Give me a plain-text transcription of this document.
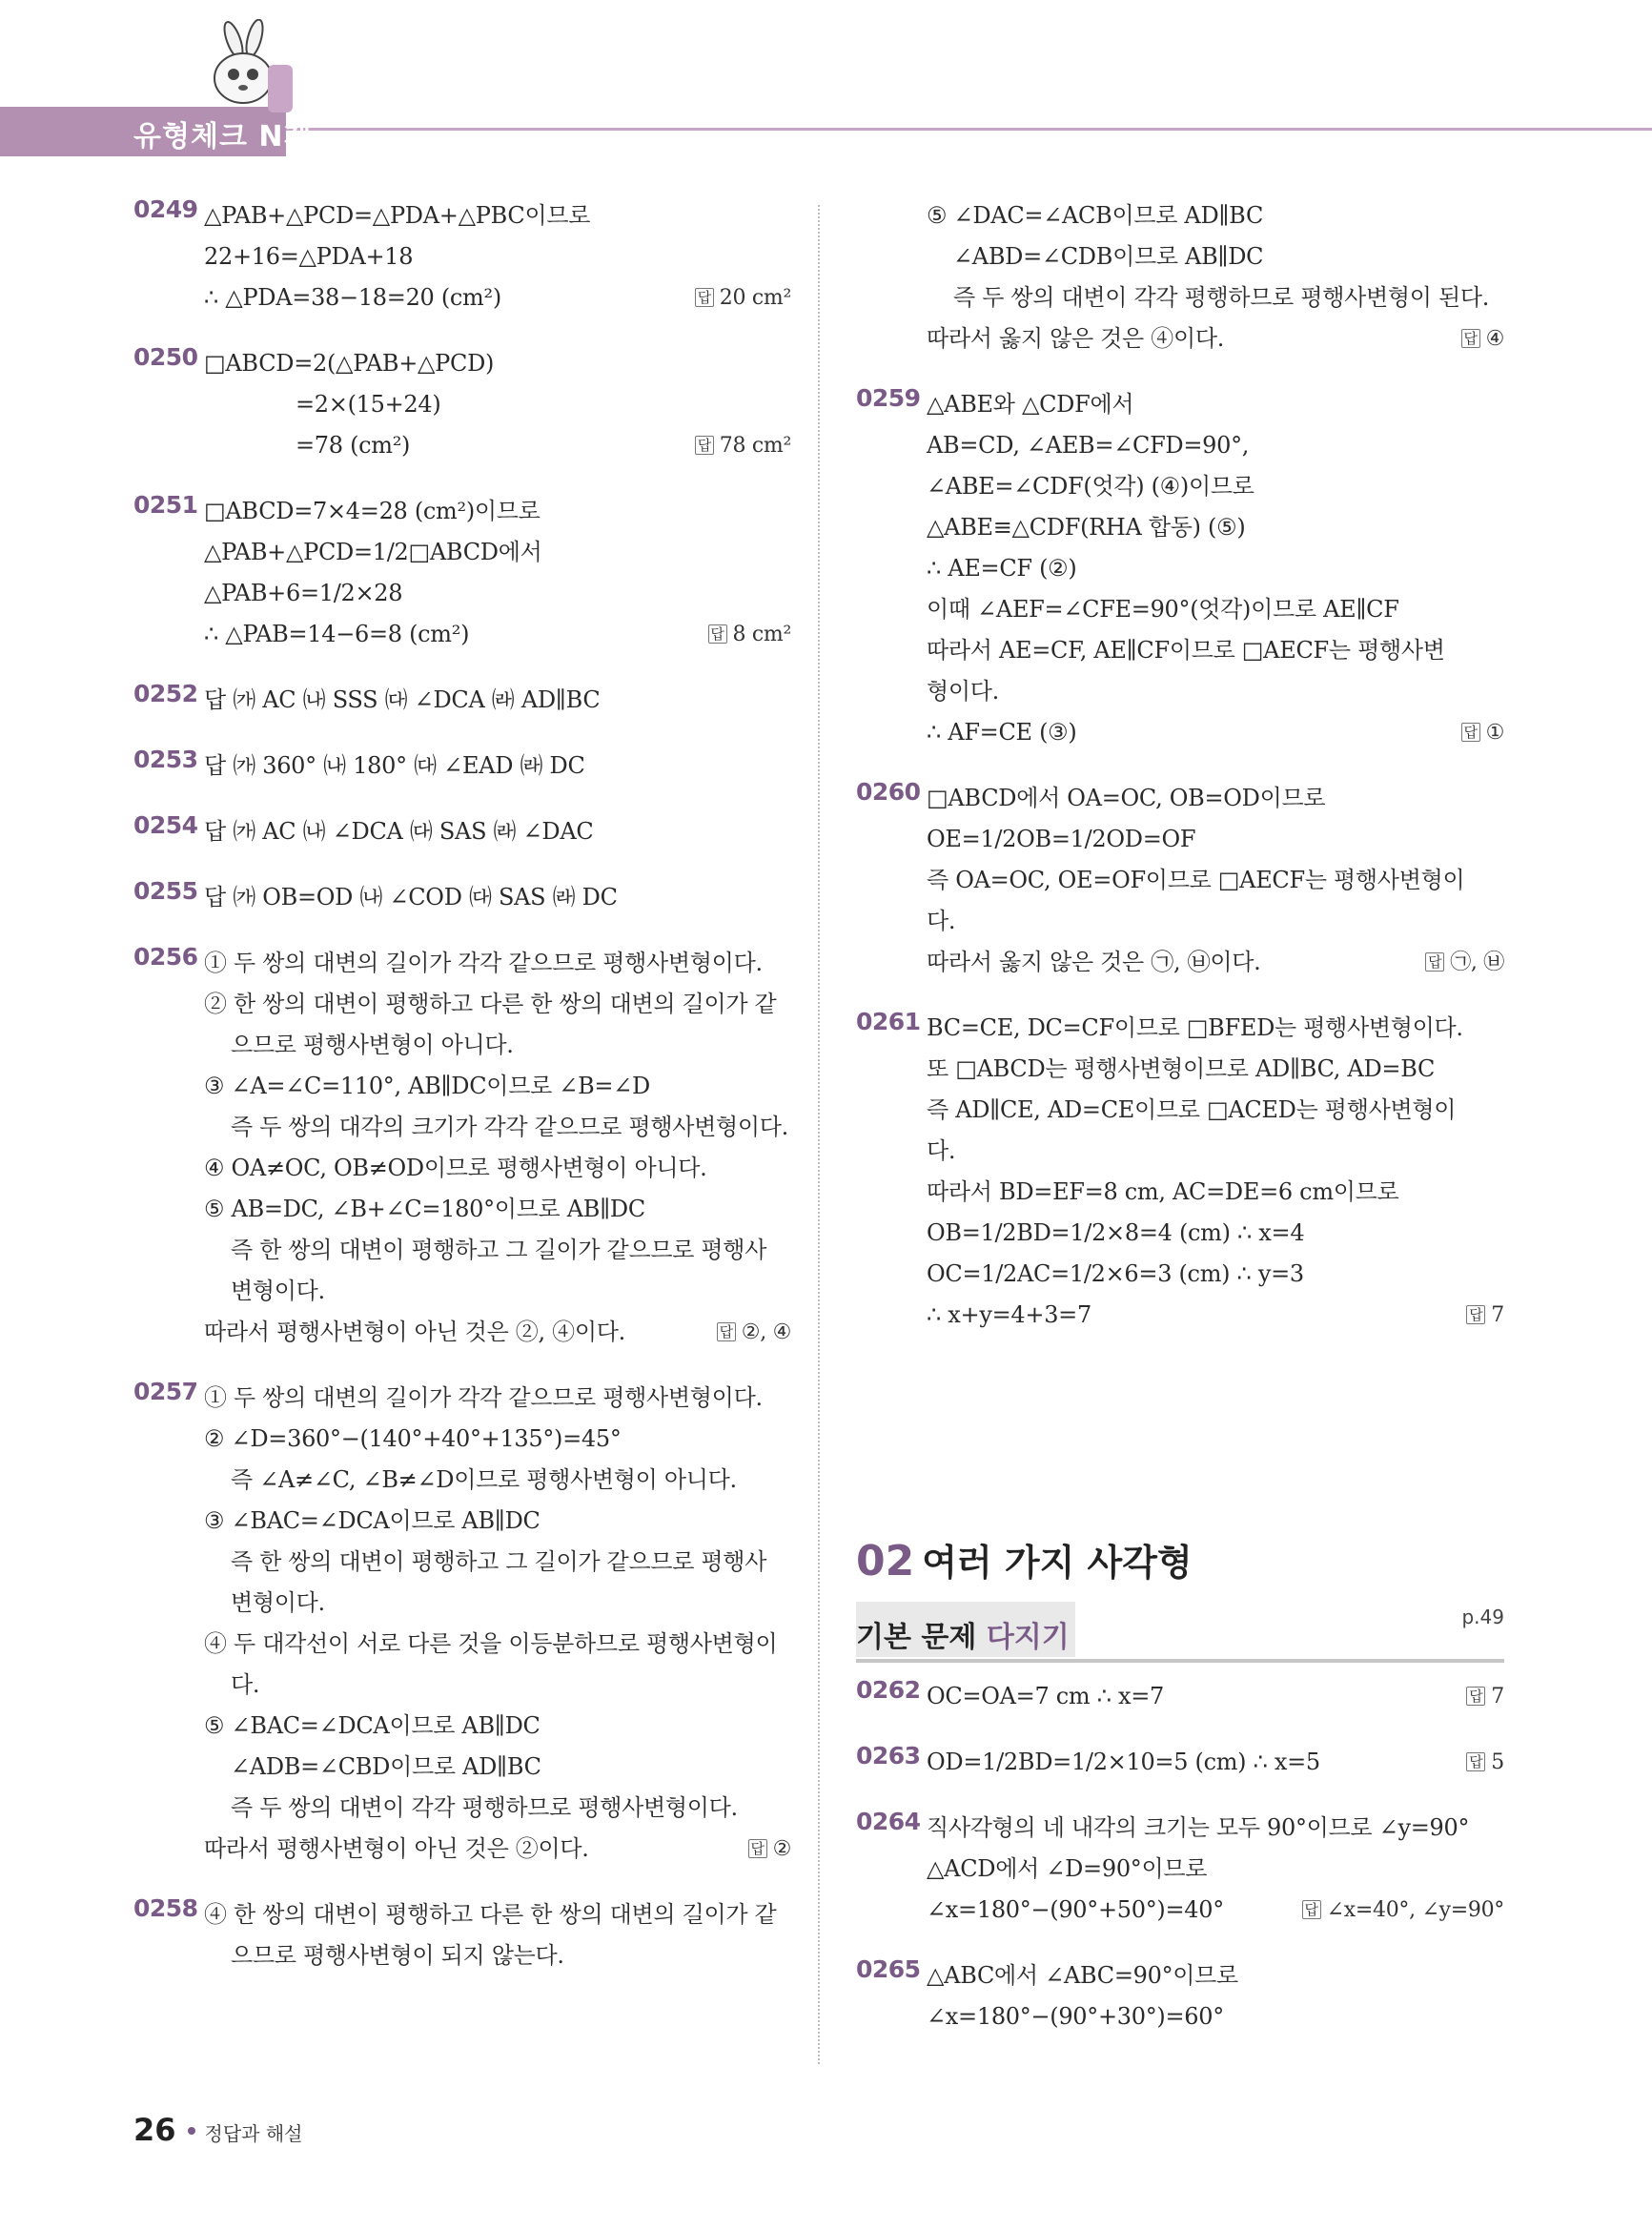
유형체크 N제
0249 △PAB+△PCD=△PDA+△PBC이므로
22+16=△PDA+18
∴ △PDA=38−18=20 (cm²)	답 20 cm²
0250 □ABCD=2(△PAB+△PCD)
=2×(15+24)
=78 (cm²)	답 78 cm²
0251 □ABCD=7×4=28 (cm²)이므로
△PAB+△PCD=1/2□ABCD에서
△PAB+6=1/2×28
∴ △PAB=14−6=8 (cm²)	답 8 cm²
0252 답 ㈎ AC ㈏ SSS ㈐ ∠DCA ㈑ AD∥BC
0253 답 ㈎ 360° ㈏ 180° ㈐ ∠EAD ㈑ DC
0254 답 ㈎ AC ㈏ ∠DCA ㈐ SAS ㈑ ∠DAC
0255 답 ㈎ OB=OD ㈏ ∠COD ㈐ SAS ㈑ DC
0256 ① 두 쌍의 대변의 길이가 각각 같으므로 평행사변형이다.
② 한 쌍의 대변이 평행하고 다른 한 쌍의 대변의 길이가 같
으므로 평행사변형이 아니다.
③ ∠A=∠C=110°, AB∥DC이므로 ∠B=∠D
즉 두 쌍의 대각의 크기가 각각 같으므로 평행사변형이다.
④ OA≠OC, OB≠OD이므로 평행사변형이 아니다.
⑤ AB=DC, ∠B+∠C=180°이므로 AB∥DC
즉 한 쌍의 대변이 평행하고 그 길이가 같으므로 평행사
변형이다.
따라서 평행사변형이 아닌 것은 ②, ④이다.	답 ②, ④
0257 ① 두 쌍의 대변의 길이가 각각 같으므로 평행사변형이다.
② ∠D=360°−(140°+40°+135°)=45°
즉 ∠A≠∠C, ∠B≠∠D이므로 평행사변형이 아니다.
③ ∠BAC=∠DCA이므로 AB∥DC
즉 한 쌍의 대변이 평행하고 그 길이가 같으므로 평행사
변형이다.
④ 두 대각선이 서로 다른 것을 이등분하므로 평행사변형이
다.
⑤ ∠BAC=∠DCA이므로 AB∥DC
∠ADB=∠CBD이므로 AD∥BC
즉 두 쌍의 대변이 각각 평행하므로 평행사변형이다.
따라서 평행사변형이 아닌 것은 ②이다.	답 ②
0258 ④ 한 쌍의 대변이 평행하고 다른 한 쌍의 대변의 길이가 같
으므로 평행사변형이 되지 않는다.
⑤ ∠DAC=∠ACB이므로 AD∥BC
∠ABD=∠CDB이므로 AB∥DC
즉 두 쌍의 대변이 각각 평행하므로 평행사변형이 된다.
따라서 옳지 않은 것은 ④이다.	답 ④
0259 △ABE와 △CDF에서
AB=CD, ∠AEB=∠CFD=90°,
∠ABE=∠CDF(엇각) (④)이므로
△ABE≡△CDF(RHA 합동) (⑤)
∴ AE=CF (②)
이때 ∠AEF=∠CFE=90°(엇각)이므로 AE∥CF
따라서 AE=CF, AE∥CF이므로 □AECF는 평행사변
형이다.
∴ AF=CE (③)	답 ①
0260 □ABCD에서 OA=OC, OB=OD이므로
OE=1/2OB=1/2OD=OF
즉 OA=OC, OE=OF이므로 □AECF는 평행사변형이
다.
따라서 옳지 않은 것은 ㉠, ㉥이다.	답 ㉠, ㉥
0261 BC=CE, DC=CF이므로 □BFED는 평행사변형이다.
또 □ABCD는 평행사변형이므로 AD∥BC, AD=BC
즉 AD∥CE, AD=CE이므로 □ACED는 평행사변형이
다.
따라서 BD=EF=8 cm, AC=DE=6 cm이므로
OB=1/2BD=1/2×8=4 (cm) ∴ x=4
OC=1/2AC=1/2×6=3 (cm) ∴ y=3
∴ x+y=4+3=7	답 7
02 여러 가지 사각형
기본 문제 다지기
p.49
0262 OC=OA=7 cm ∴ x=7	답 7
0263 OD=1/2BD=1/2×10=5 (cm) ∴ x=5	답 5
0264 직사각형의 네 내각의 크기는 모두 90°이므로 ∠y=90°
△ACD에서 ∠D=90°이므로
∠x=180°−(90°+50°)=40°	답 ∠x=40°, ∠y=90°
0265 △ABC에서 ∠ABC=90°이므로
∠x=180°−(90°+30°)=60°
26 정답과 해설
